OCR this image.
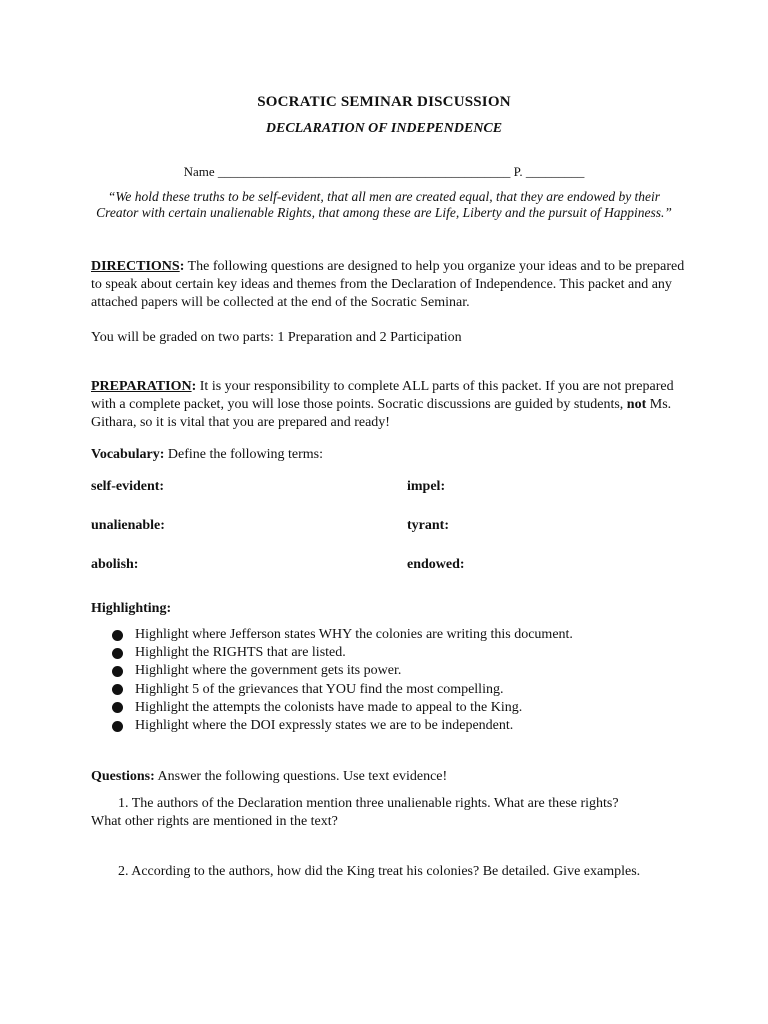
SOCRATIC SEMINAR DISCUSSION
DECLARATION OF INDEPENDENCE
Name _____________________________________________ P. _________
“We hold these truths to be self-evident, that all men are created equal, that they are endowed by their Creator with certain unalienable Rights, that among these are Life, Liberty and the pursuit of Happiness.”
DIRECTIONS: The following questions are designed to help you organize your ideas and to be prepared to speak about certain key ideas and themes from the Declaration of Independence. This packet and any attached papers will be collected at the end of the Socratic Seminar.
You will be graded on two parts: 1 Preparation and 2 Participation
PREPARATION: It is your responsibility to complete ALL parts of this packet. If you are not prepared with a complete packet, you will lose those points. Socratic discussions are guided by students, not Ms. Githara, so it is vital that you are prepared and ready!
Vocabulary: Define the following terms:
self-evident:	impel:
unalienable:	tyrant:
abolish:	endowed:
Highlighting:
Highlight where Jefferson states WHY the colonies are writing this document.
Highlight the RIGHTS that are listed.
Highlight where the government gets its power.
Highlight 5 of the grievances that YOU find the most compelling.
Highlight the attempts the colonists have made to appeal to the King.
Highlight where the DOI expressly states we are to be independent.
Questions: Answer the following questions. Use text evidence!
1. The authors of the Declaration mention three unalienable rights. What are these rights?
What other rights are mentioned in the text?
2. According to the authors, how did the King treat his colonies? Be detailed. Give examples.
